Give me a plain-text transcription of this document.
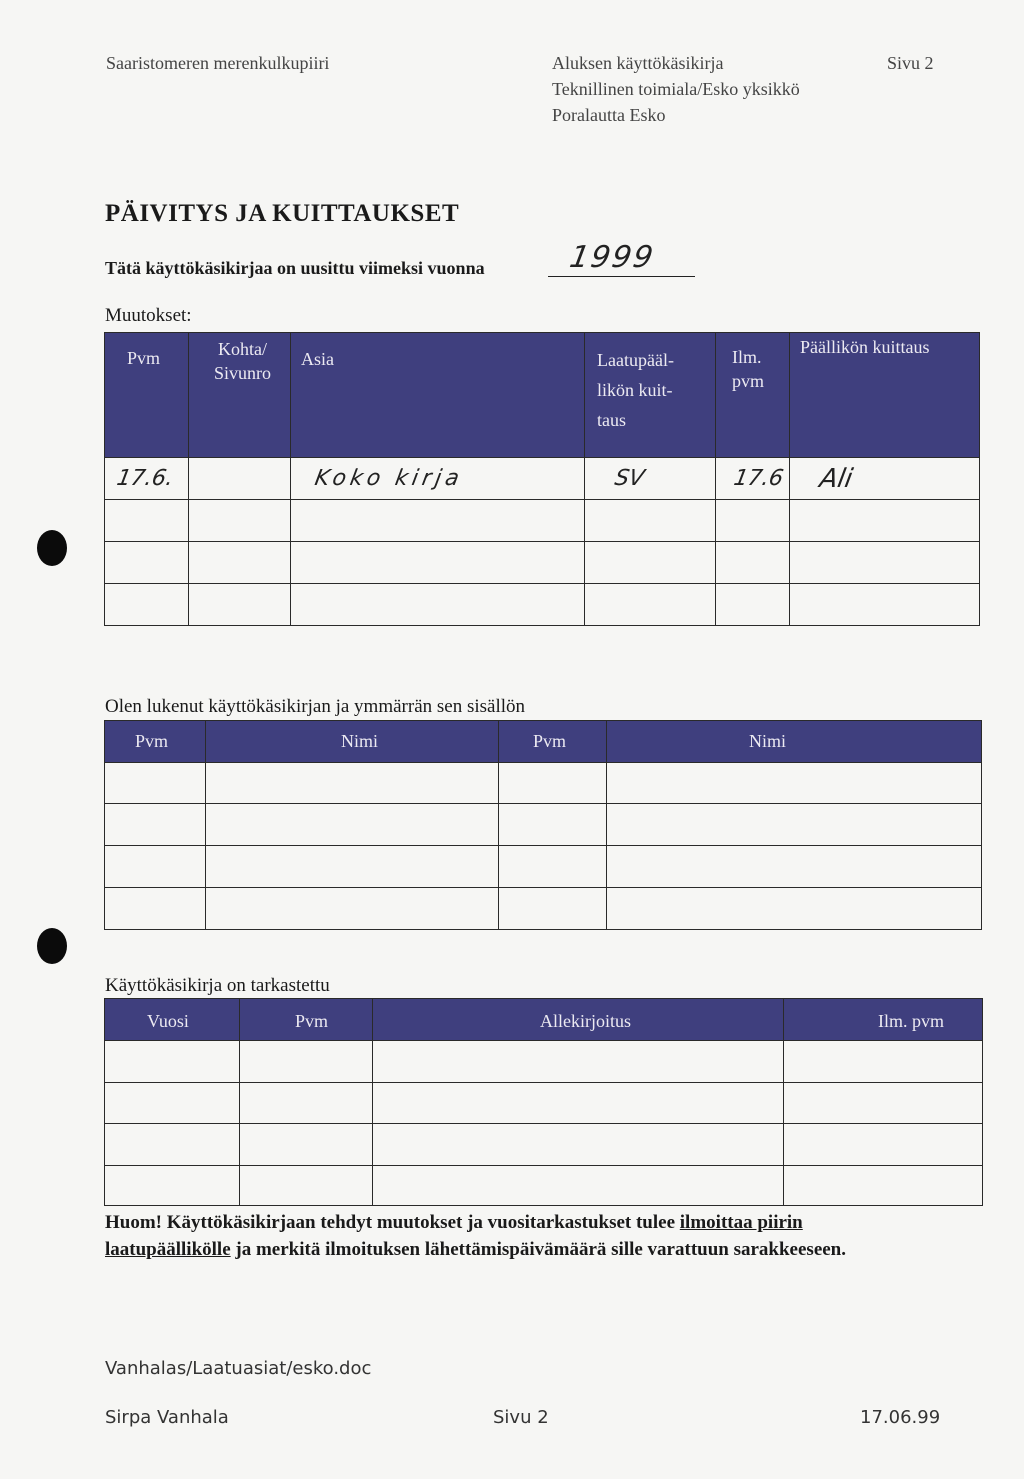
Saaristomeren merenkulkupiiri	Aluksen käyttökäsikirja
Teknillinen toimiala/Esko yksikkö
Poralautta Esko
Sivu 2
PÄIVITYS JA KUITTAUKSET
Tätä käyttökäsikirjaa on uusittu viimeksi vuonna	1999
Muutokset:
Pvm	Kohta/ Sivunro	Asia	Laatupääl- likön kuit- taus	Ilm. pvm	Päällikön kuittaus

17.6.		Koko kirja	SV	17.6	Ali

Olen lukenut käyttökäsikirjan ja ymmärrän sen sisällön
Pvm	Nimi	Pvm	Nimi

Käyttökäsikirja on tarkastettu
Vuosi	Pvm	Allekirjoitus	Ilm. pvm

Huom! Käyttökäsikirjaan tehdyt muutokset ja vuositarkastukset tulee ilmoittaa piirin
laatupäällikölle ja merkitä ilmoituksen lähettämispäivämäärä sille varattuun sarakkeeseen.
Vanhalas/Laatuasiat/esko.doc
Sirpa Vanhala	Sivu 2	17.06.99
